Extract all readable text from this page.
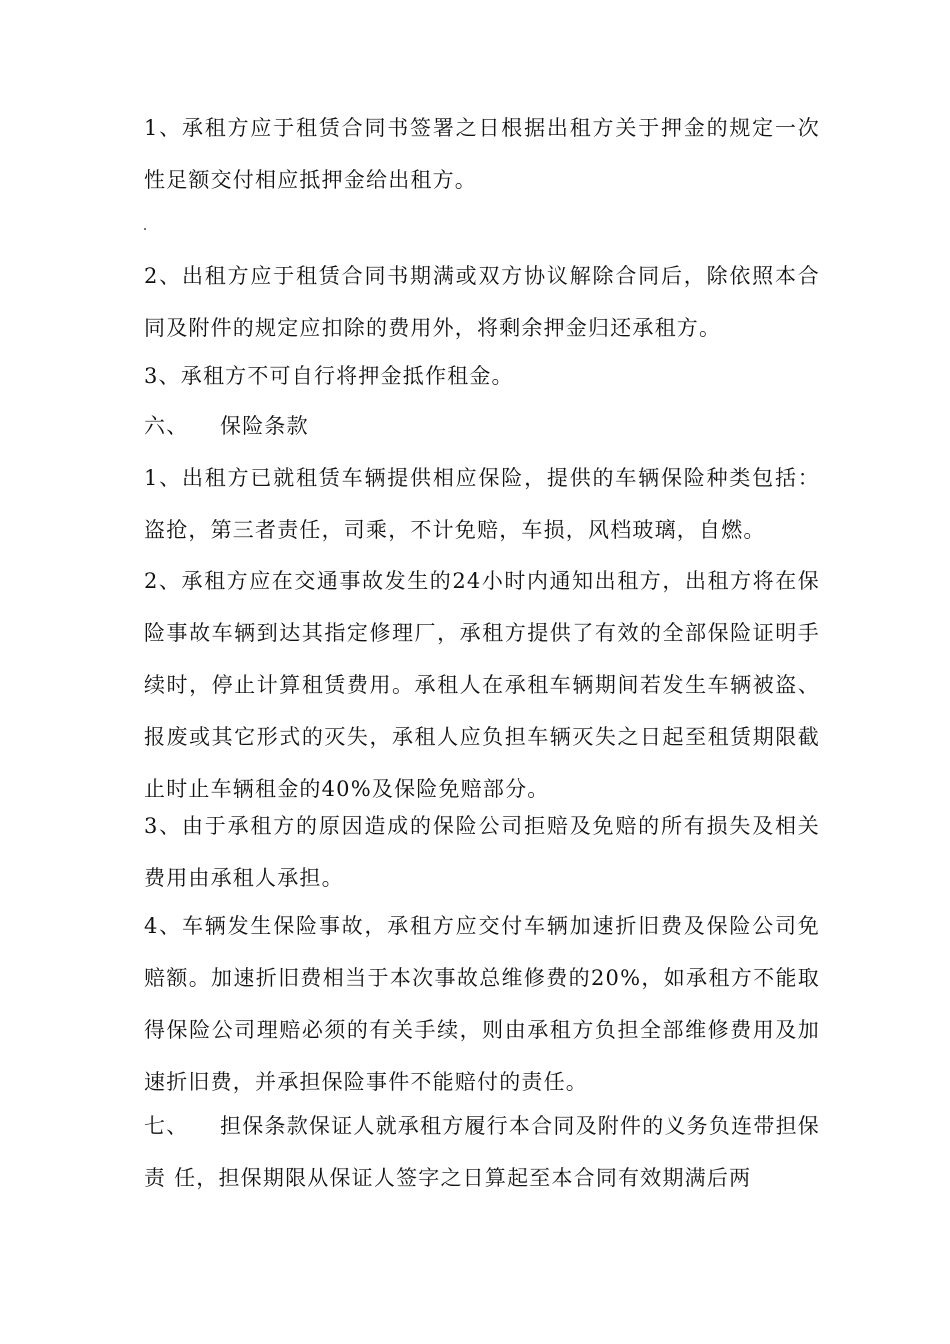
1、承租方应于租赁合同书签署之日根据出租方关于押金的规定一次性足额交付相应抵押金给出租方。

2、出租方应于租赁合同书期满或双方协议解除合同后，除依照本合同及附件的规定应扣除的费用外，将剩余押金归还承租方。

3、承租方不可自行将押金抵作租金。

六、 保险条款

1、出租方已就租赁车辆提供相应保险，提供的车辆保险种类包括：盗抢，第三者责任，司乘，不计免赔，车损，风档玻璃，自燃。

2、承租方应在交通事故发生的24小时内通知出租方，出租方将在保险事故车辆到达其指定修理厂，承租方提供了有效的全部保险证明手续时，停止计算租赁费用。承租人在承租车辆期间若发生车辆被盗、报废或其它形式的灭失，承租人应负担车辆灭失之日起至租赁期限截止时止车辆租金的40%及保险免赔部分。

3、由于承租方的原因造成的保险公司拒赔及免赔的所有损失及相关费用由承租人承担。

4、车辆发生保险事故，承租方应交付车辆加速折旧费及保险公司免赔额。加速折旧费相当于本次事故总维修费的20%，如承租方不能取得保险公司理赔必须的有关手续，则由承租方负担全部维修费用及加速折旧费，并承担保险事件不能赔付的责任。

七、 担保条款保证人就承租方履行本合同及附件的义务负连带担保责 任，担保期限从保证人签字之日算起至本合同有效期满后两
